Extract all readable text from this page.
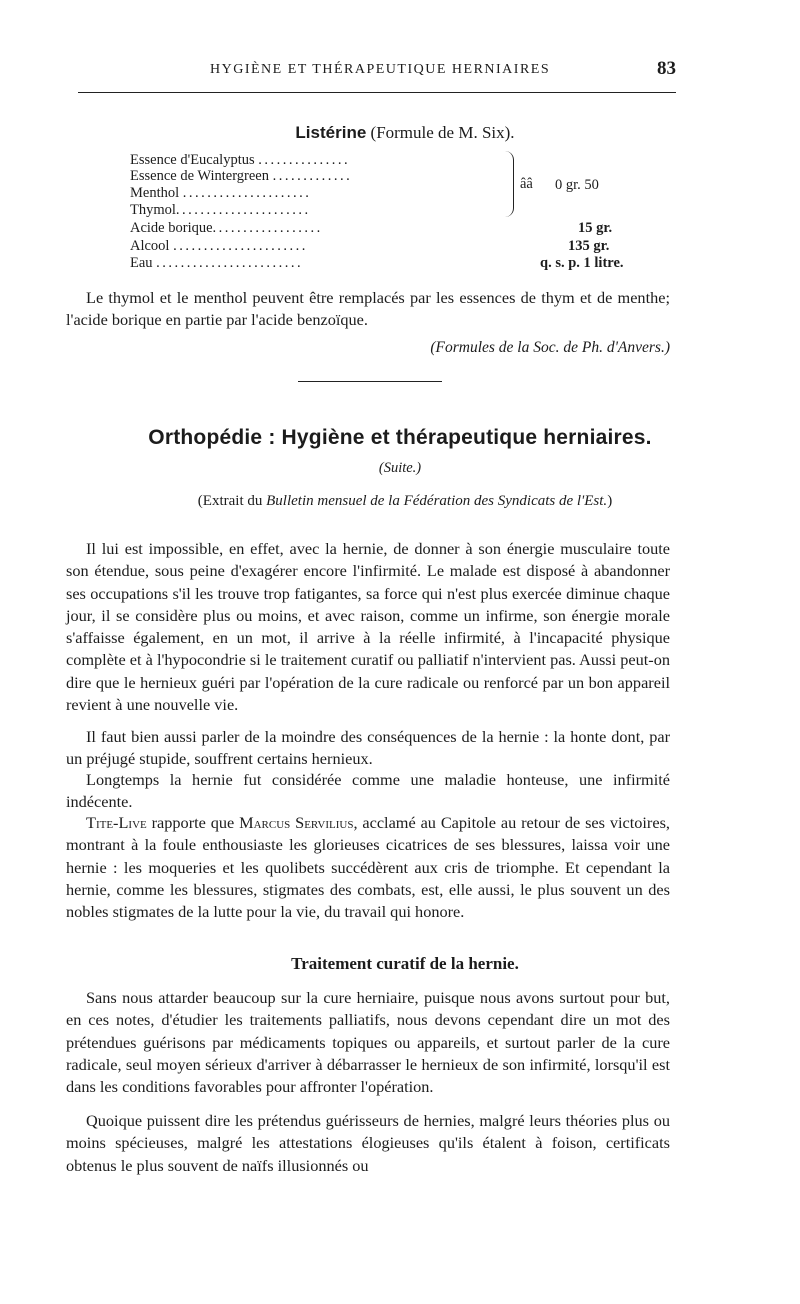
HYGIÈNE ET THÉRAPEUTIQUE HERNIAIRES	83
Listérine (Formule de M. Six).
Essence d'Eucalyptus ...............
Essence de Wintergreen .............
Menthol .....................
Thymol......................
Acide borique..................
Alcool ......................
Eau ........................
ââ 0 gr. 50
15 gr.
135 gr.
q. s. p. 1 litre.

Le thymol et le menthol peuvent être remplacés par les essences de thym et de menthe; l'acide borique en partie par l'acide benzoïque.

(Formules de la Soc. de Ph. d'Anvers.)
Orthopédie : Hygiène et thérapeutique herniaires.
(Suite.)
(Extrait du Bulletin mensuel de la Fédération des Syndicats de l'Est.)

Il lui est impossible, en effet, avec la hernie, de donner à son énergie musculaire toute son étendue, sous peine d'exagérer encore l'infirmité. Le malade est disposé à abandonner ses occupations s'il les trouve trop fatigantes, sa force qui n'est plus exercée diminue chaque jour, il se considère plus ou moins, et avec raison, comme un infirme, son énergie morale s'affaisse également, en un mot, il arrive à la réelle infirmité, à l'incapacité physique complète et à l'hypocondrie si le traitement curatif ou palliatif n'intervient pas. Aussi peut-on dire que le hernieux guéri par l'opération de la cure radicale ou renforcé par un bon appareil revient à une nouvelle vie.

Il faut bien aussi parler de la moindre des conséquences de la hernie : la honte dont, par un préjugé stupide, souffrent certains hernieux.

Longtemps la hernie fut considérée comme une maladie honteuse, une infirmité indécente.

Tite-Live rapporte que Marcus Servilius, acclamé au Capitole au retour de ses victoires, montrant à la foule enthousiaste les glorieuses cicatrices de ses blessures, laissa voir une hernie : les moqueries et les quolibets succédèrent aux cris de triomphe. Et cependant la hernie, comme les blessures, stigmates des combats, est, elle aussi, le plus souvent un des nobles stigmates de la lutte pour la vie, du travail qui honore.

Traitement curatif de la hernie.

Sans nous attarder beaucoup sur la cure herniaire, puisque nous avons surtout pour but, en ces notes, d'étudier les traitements palliatifs, nous devons cependant dire un mot des prétendues guérisons par médicaments topiques ou appareils, et surtout parler de la cure radicale, seul moyen sérieux d'arriver à débarrasser le hernieux de son infirmité, lorsqu'il est dans les conditions favorables pour affronter l'opération.

Quoique puissent dire les prétendus guérisseurs de hernies, malgré leurs théories plus ou moins spécieuses, malgré les attestations élogieuses qu'ils étalent à foison, certificats obtenus le plus souvent de naïfs illusionnés ou
